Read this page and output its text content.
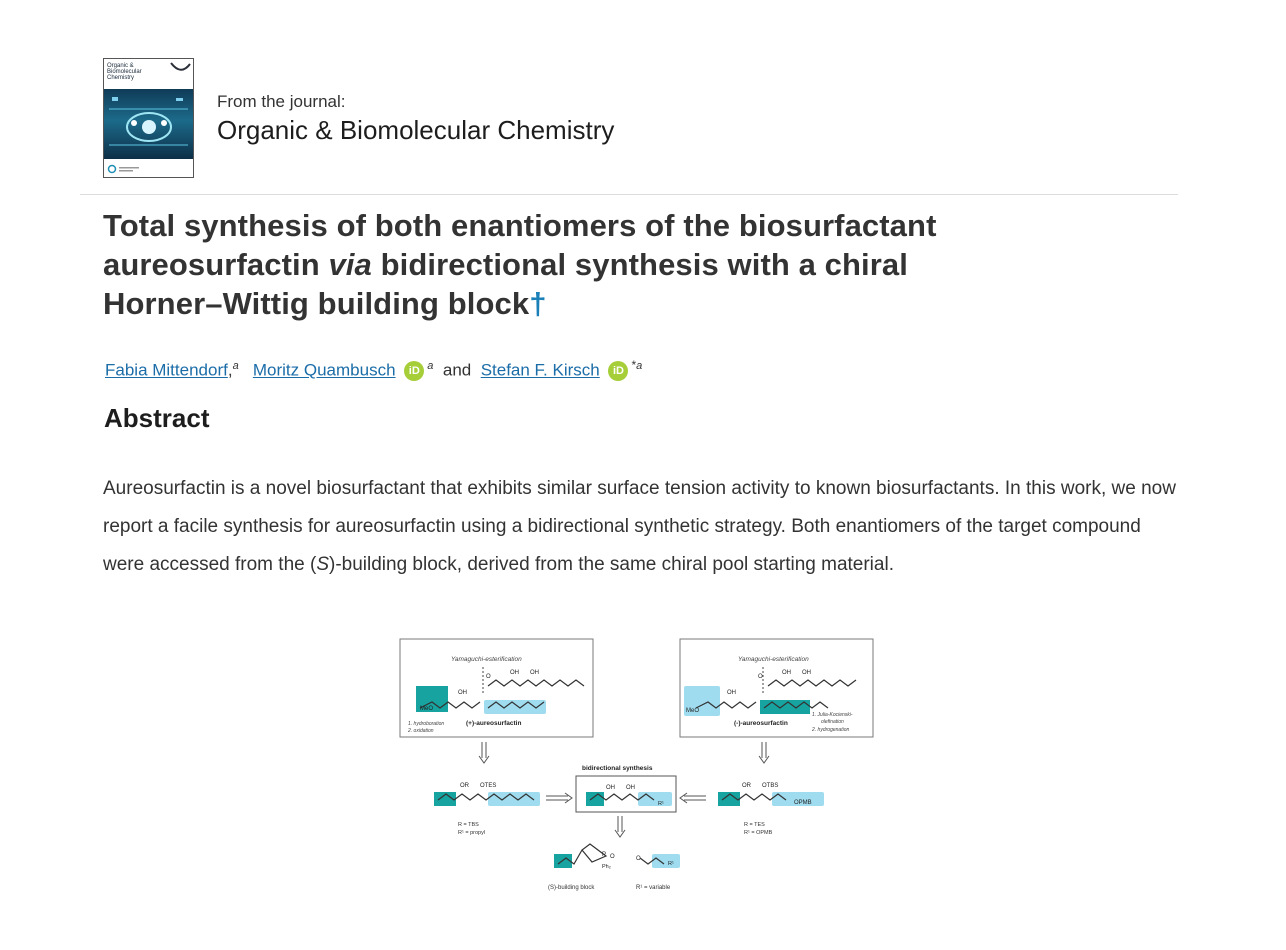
Organic & Biomolecular Chemistry
From the journal:
Organic & Biomolecular Chemistry
Total synthesis of both enantiomers of the biosurfactant aureosurfactin via bidirectional synthesis with a chiral Horner–Wittig building block†
Fabia Mittendorf,$^a$ Moritz Quambusch iD $^a$ and Stefan F. Kirsch iD $^{*a}$
Abstract

Aureosurfactin is a novel biosurfactant that exhibits similar surface tension activity to known biosurfactants. In this work, we now report a facile synthesis for aureosurfactin using a bidirectional synthetic strategy. Both enantiomers of the target compound were accessed from the (S)-building block, derived from the same chiral pool starting material.

Yamaguchi-esterification
MeO
OH
OH OH
O
1. hydroboration
2. oxidation
(+)-aureosurfactin
Yamaguchi-esterification
MeO
OH
OH OH
O
(-)-aureosurfactin
1. Julia-Kocienski-
olefination
2. hydrogenation
OR OTES
R = TBS
R¹ = propyl
bidirectional synthesis
OH OH
R¹
OR OTBS
OPMB
R = TES
R¹ = OPMB
P O
Ph₂
(S)-building block
O
R¹
R¹ = variable
